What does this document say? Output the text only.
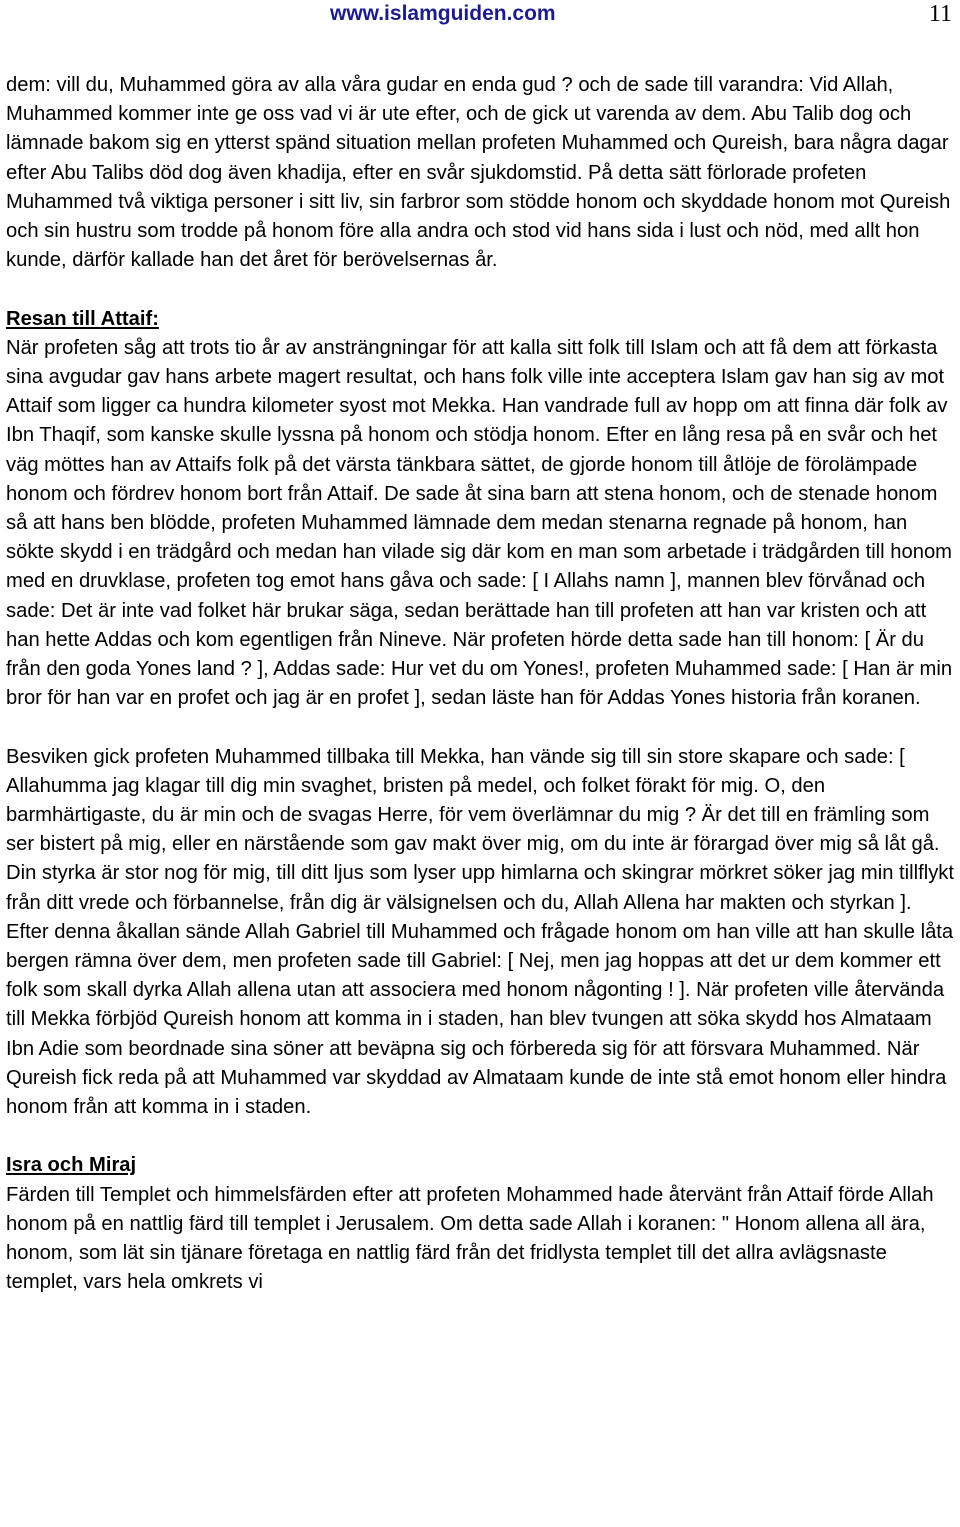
www.islamguiden.com	11

dem: vill du, Muhammed göra av alla våra gudar en enda gud ? och de sade till varandra: Vid Allah, Muhammed kommer inte ge oss vad vi är ute efter, och de gick ut varenda av dem. Abu Talib dog och lämnade bakom sig en ytterst spänd situation mellan profeten Muhammed och Qureish, bara några dagar efter Abu Talibs död dog även khadija, efter en svår sjukdomstid. På detta sätt förlorade profeten Muhammed två viktiga personer i sitt liv, sin farbror som stödde honom och skyddade honom mot Qureish och sin hustru som trodde på honom före alla andra och stod vid hans sida i lust och nöd, med allt hon kunde, därför kallade han det året för berövelsernas år.

Resan till Attaif:

När profeten såg att trots tio år av ansträngningar för att kalla sitt folk till Islam och att få dem att förkasta sina avgudar gav hans arbete magert resultat, och hans folk ville inte acceptera Islam gav han sig av mot Attaif som ligger ca hundra kilometer syost mot Mekka. Han vandrade full av hopp om att finna där folk av Ibn Thaqif, som kanske skulle lyssna på honom och stödja honom. Efter en lång resa på en svår och het väg möttes han av Attaifs folk på det värsta tänkbara sättet, de gjorde honom till åtlöje de förolämpade honom och fördrev honom bort från Attaif. De sade åt sina barn att stena honom, och de stenade honom så att hans ben blödde, profeten Muhammed lämnade dem medan stenarna regnade på honom, han sökte skydd i en trädgård och medan han vilade sig där kom en man som arbetade i trädgården till honom med en druvklase, profeten tog emot hans gåva och sade: [ I Allahs namn ], mannen blev förvånad och sade: Det är inte vad folket här brukar säga, sedan berättade han till profeten att han var kristen och att han hette Addas och kom egentligen från Nineve. När profeten hörde detta sade han till honom: [ Är du från den goda Yones land ? ], Addas sade: Hur vet du om Yones!, profeten Muhammed sade: [ Han är min bror för han var en profet och jag är en profet ], sedan läste han för Addas Yones historia från koranen.

Besviken gick profeten Muhammed tillbaka till Mekka, han vände sig till sin store skapare och sade: [ Allahumma jag klagar till dig min svaghet, bristen på medel, och folket förakt för mig. O, den barmhärtigaste, du är min och de svagas Herre, för vem överlämnar du mig ? Är det till en främling som ser bistert på mig, eller en närstående som gav makt över mig, om du inte är förargad över mig så låt gå. Din styrka är stor nog för mig, till ditt ljus som lyser upp himlarna och skingrar mörkret söker jag min tillflykt från ditt vrede och förbannelse, från dig är välsignelsen och du, Allah Allena har makten och styrkan ]. Efter denna åkallan sände Allah Gabriel till Muhammed och frågade honom om han ville att han skulle låta bergen rämna över dem, men profeten sade till Gabriel: [ Nej, men jag hoppas att det ur dem kommer ett folk som skall dyrka Allah allena utan att associera med honom någonting ! ]. När profeten ville återvända till Mekka förbjöd Qureish honom att komma in i staden, han blev tvungen att söka skydd hos Almataam Ibn Adie som beordnade sina söner att beväpna sig och förbereda sig för att försvara Muhammed. När Qureish fick reda på att Muhammed var skyddad av Almataam kunde de inte stå emot honom eller hindra honom från att komma in i staden.

Isra och Miraj

Färden till Templet och himmelsfärden efter att profeten Mohammed hade återvänt från Attaif förde Allah honom på en nattlig färd till templet i Jerusalem. Om detta sade Allah i koranen: " Honom allena all ära, honom, som lät sin tjänare företaga en nattlig färd från det fridlysta templet till det allra avlägsnaste templet, vars hela omkrets vi
